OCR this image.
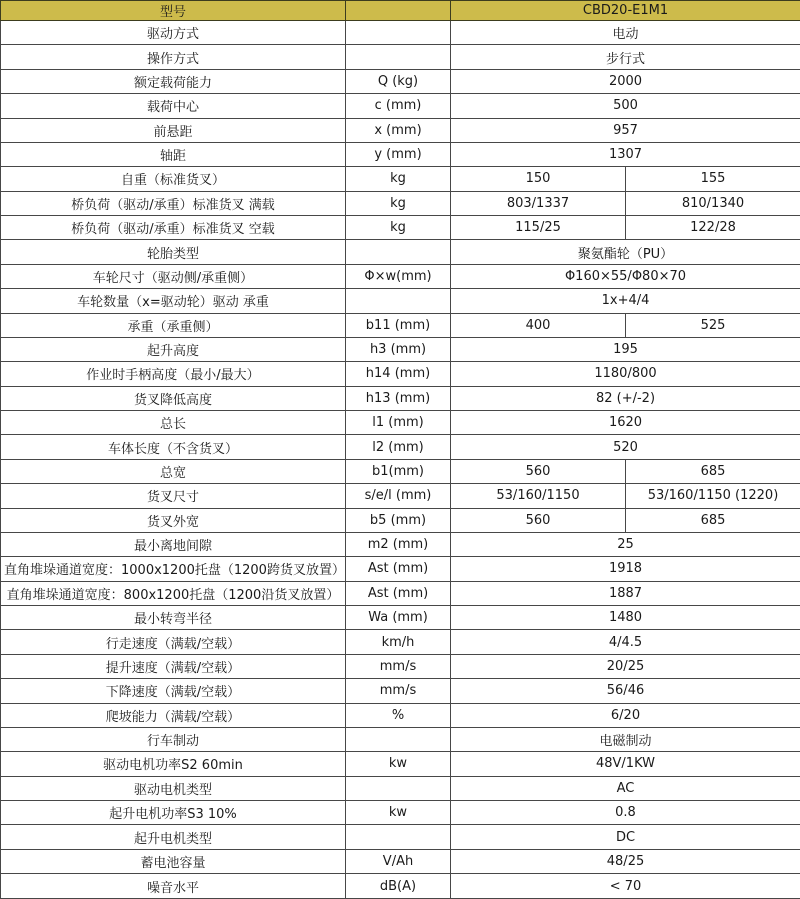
型号		CBD20-E1M1	
驱动方式		电动	
操作方式		步行式	
额定载荷能力	Q (kg)	2000	
载荷中心	c (mm)	500	
前悬距	x (mm)	957	
轴距	y (mm)	1307	
自重（标准货叉）	kg	150	155
桥负荷（驱动/承重）标准货叉 满载	kg	803/1337	810/1340
桥负荷（驱动/承重）标准货叉 空载	kg	115/25	122/28
轮胎类型		聚氨酯轮（PU）	
车轮尺寸（驱动侧/承重侧）	Φ×w(mm)	Φ160×55/Φ80×70	
车轮数量（x=驱动轮）驱动 承重		1x+4/4	
承重（承重侧）	b11 (mm)	400	525
起升高度	h3 (mm)	195	
作业时手柄高度（最小/最大）	h14 (mm)	1180/800	
货叉降低高度	h13 (mm)	82 (+/-2)	
总长	l1 (mm)	1620	
车体长度（不含货叉）	l2 (mm)	520	
总宽	b1(mm)	560	685
货叉尺寸	s/e/l (mm)	53/160/1150	53/160/1150 (1220)
货叉外宽	b5 (mm)	560	685
最小离地间隙	m2 (mm)	25	
直角堆垛通道宽度：1000x1200托盘（1200跨货叉放置）	Ast (mm)	1918	
直角堆垛通道宽度：800x1200托盘（1200沿货叉放置）	Ast (mm)	1887	
最小转弯半径	Wa (mm)	1480	
行走速度（满载/空载）	km/h	4/4.5	
提升速度（满载/空载）	mm/s	20/25	
下降速度（满载/空载）	mm/s	56/46	
爬坡能力（满载/空载）	%	6/20	
行车制动		电磁制动	
驱动电机功率S2 60min	kw	48V/1KW	
驱动电机类型		AC	
起升电机功率S3 10%	kw	0.8	
起升电机类型		DC	
蓄电池容量	V/Ah	48/25	
噪音水平	dB(A)	< 70	
